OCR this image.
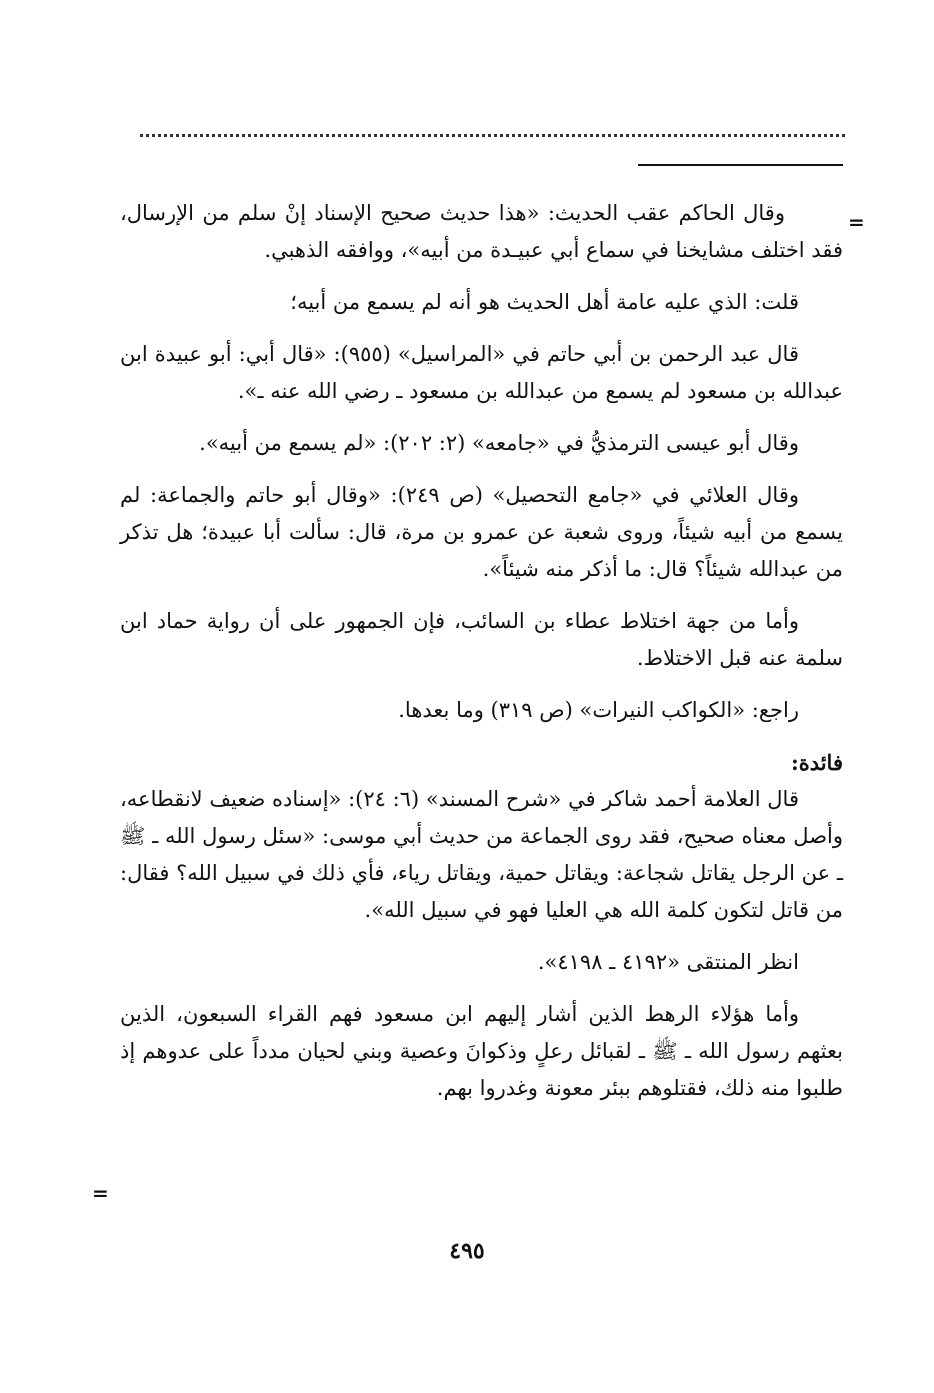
=

وقال الحاكم عقب الحديث: «هذا حديث صحيح الإسناد إنْ سلم من الإرسال، فقد اختلف مشايخنا في سماع أبي عبيـدة من أبيه»، ووافقه الذهبي.

قلت: الذي عليه عامة أهل الحديث هو أنه لم يسمع من أبيه؛

قال عبد الرحمن بن أبي حاتم في «المراسيل» (٩٥٥): «قال أبي: أبو عبيدة ابن عبدالله بن مسعود لم يسمع من عبدالله بن مسعود ـ رضي الله عنه ـ».

وقال أبو عيسى الترمذيُّ في «جامعه» (٢: ٢٠٢): «لم يسمع من أبيه».

وقال العلائي في «جامع التحصيل» (ص ٢٤٩): «وقال أبو حاتم والجماعة: لم يسمع من أبيه شيئاً، وروى شعبة عن عمرو بن مرة، قال: سألت أبا عبيدة؛ هل تذكر من عبدالله شيئاً؟ قال: ما أذكر منه شيئاً».

وأما من جهة اختلاط عطاء بن السائب، فإن الجمهور على أن رواية حماد ابن سلمة عنه قبل الاختلاط.

راجع: «الكواكب النيرات» (ص ٣١٩) وما بعدها.

فائدة:

قال العلامة أحمد شاكر في «شرح المسند» (٦: ٢٤): «إسناده ضعيف لانقطاعه، وأصل معناه صحيح، فقد روى الجماعة من حديث أبي موسى: «سئل رسول الله ـ ﷺ ـ عن الرجل يقاتل شجاعة: ويقاتل حمية، ويقاتل رياء، فأي ذلك في سبيل الله؟ فقال: من قاتل لتكون كلمة الله هي العليا فهو في سبيل الله».

انظر المنتقى «٤١٩٢ ـ ٤١٩٨».

وأما هؤلاء الرهط الذين أشار إليهم ابن مسعود فهم القراء السبعون، الذين بعثهم رسول الله ـ ﷺ ـ لقبائل رعلٍ وذكوانَ وعصية وبني لحيان مدداً على عدوهم إذ طلبوا منه ذلك، فقتلوهم ببئر معونة وغدروا بهم.

=
٤٩٥
